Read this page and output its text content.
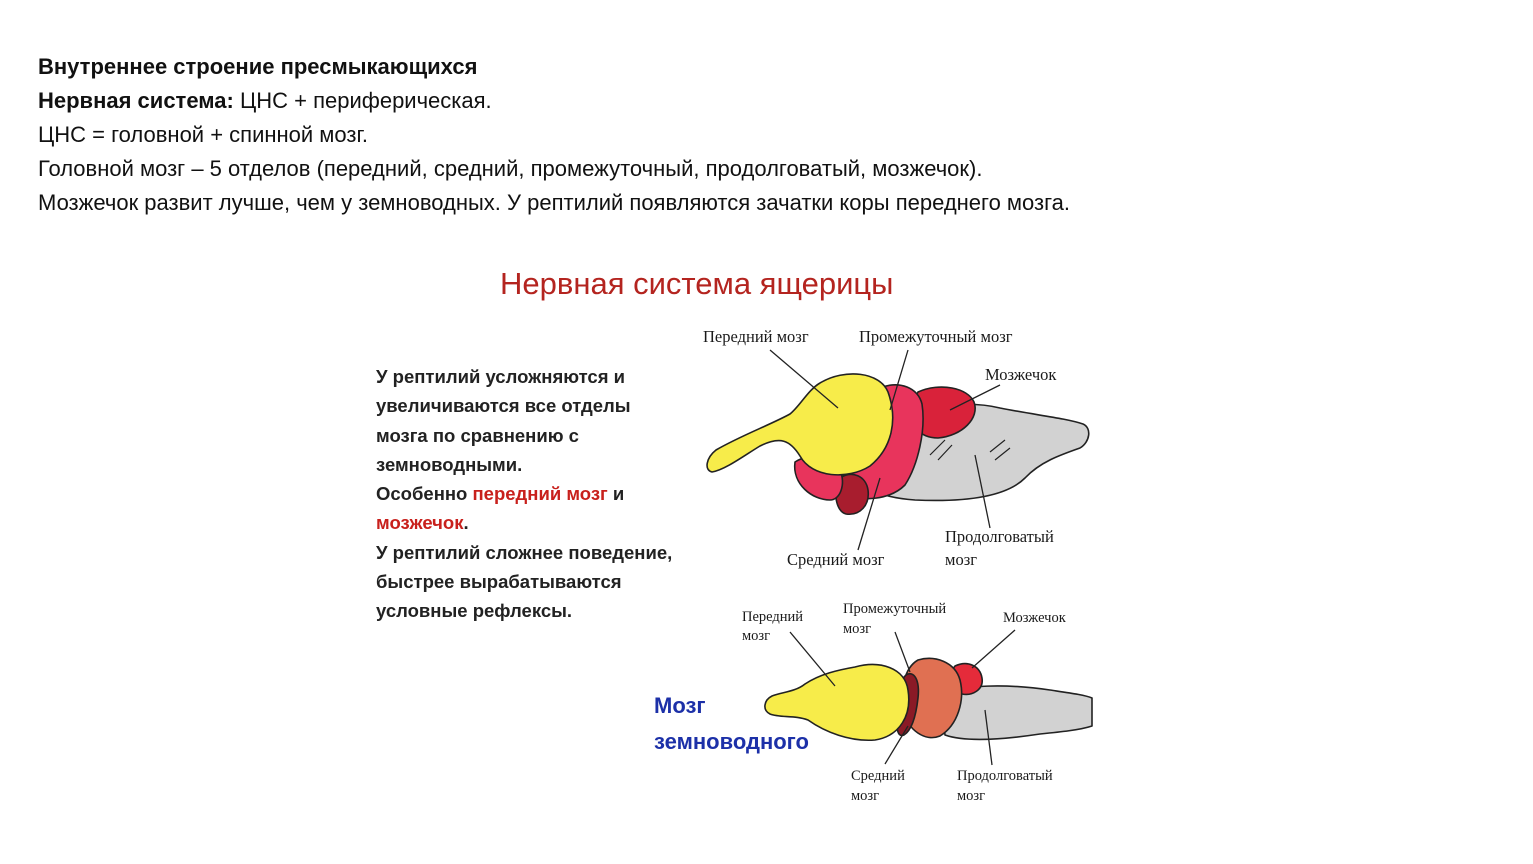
Внутреннее строение пресмыкающихся
Нервная система: ЦНС + периферическая.
ЦНС = головной + спинной мозг.
Головной мозг – 5 отделов (передний, средний, промежуточный, продолговатый, мозжечок).
Мозжечок развит лучше, чем у земноводных. У рептилий появляются зачатки коры переднего мозга.
Нервная система ящерицы
У рептилий усложняются и увеличиваются все отделы мозга по сравнению с земноводными.
Особенно передний мозг и мозжечок.
У рептилий сложнее поведение, быстрее вырабатываются условные рефлексы.
Мозг
земноводного
Передний мозг	Промежуточный мозг
Мозжечок
Средний мозг
Продолговатый
мозг
Передний
мозг
Промежуточный
мозг
Мозжечок
Средний
мозг
Продолговатый
мозг
